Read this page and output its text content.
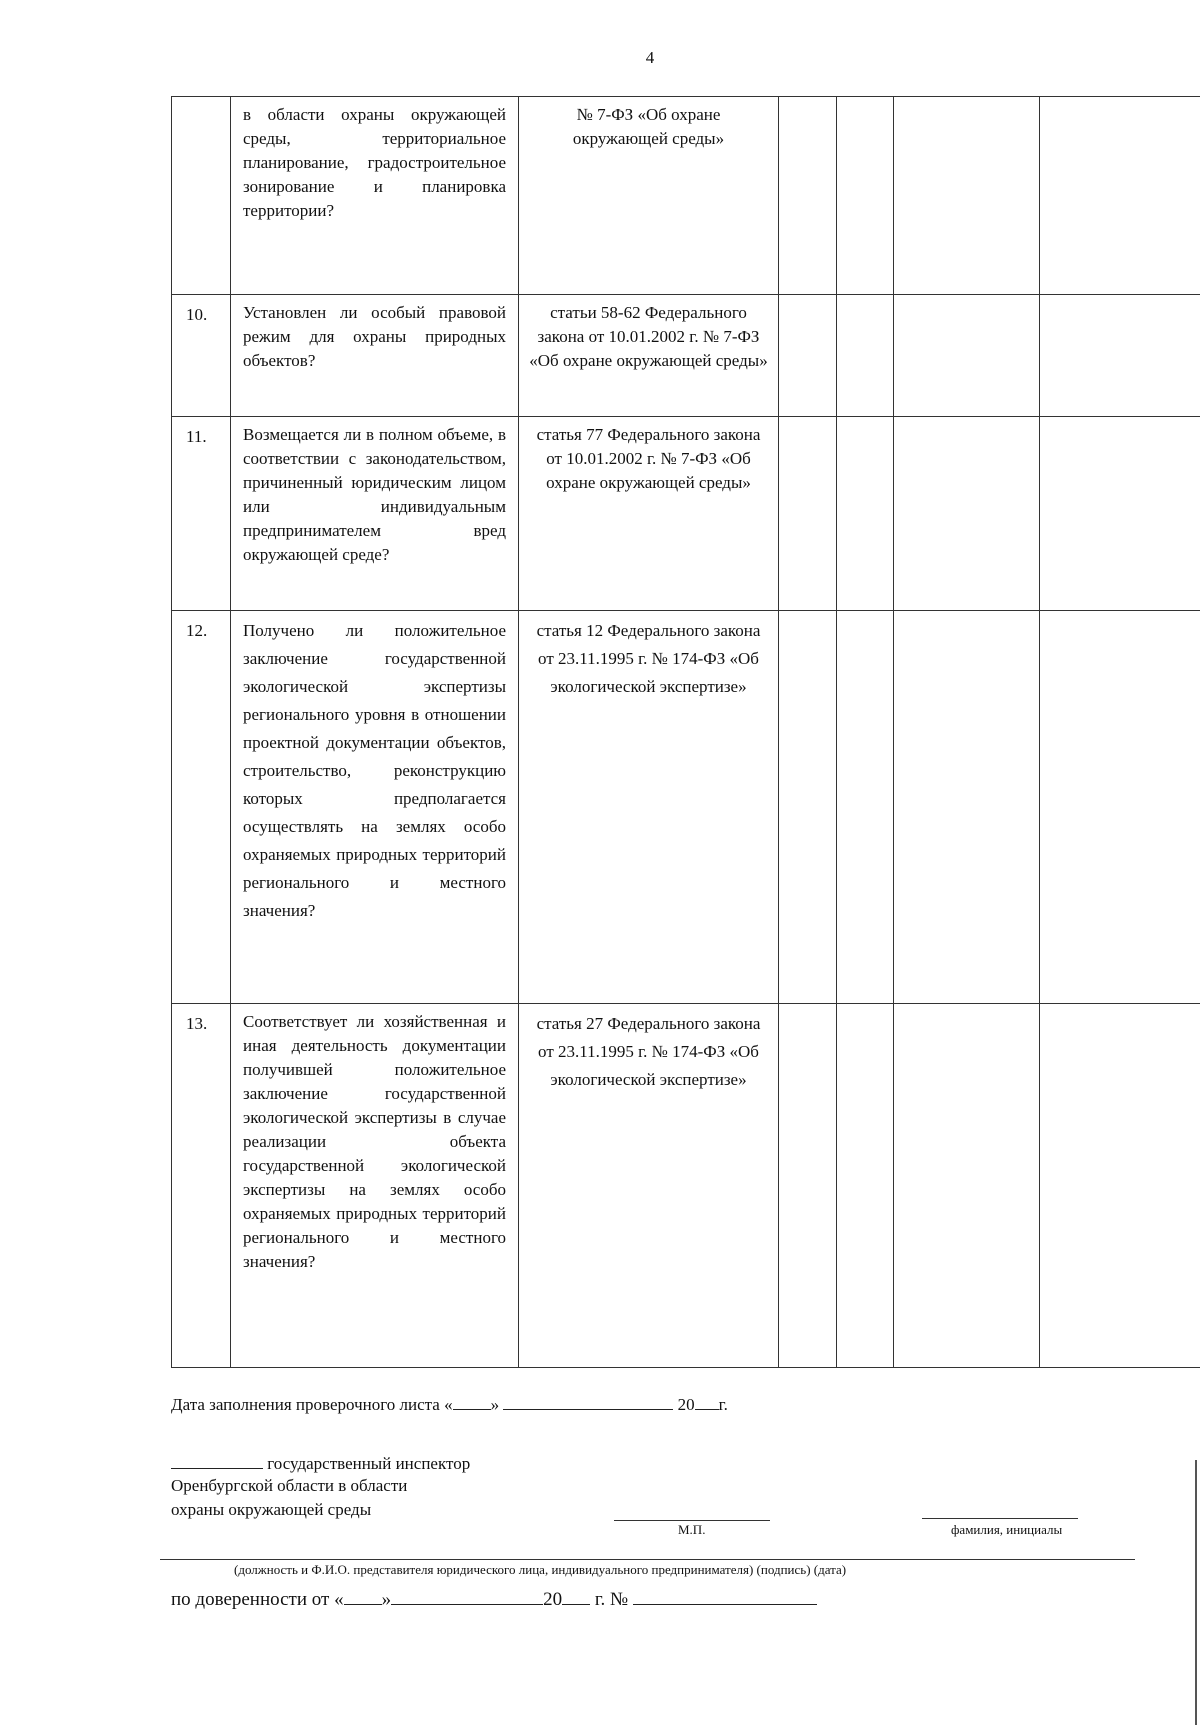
4
	в области охраны окружающей среды, территориальное планирование, градостроительное зонирование и планировка территории?	№ 7-ФЗ «Об охране окружающей среды»				
10.	Установлен ли особый правовой режим для охраны природных объектов?	статьи 58-62 Федерального закона от 10.01.2002 г. № 7-ФЗ «Об охране окружающей среды»				
11.	Возмещается ли в полном объеме, в соответствии с законодательством, причиненный юридическим лицом или индивидуальным предпринимателем вред окружающей среде?	статья 77 Федерального закона от 10.01.2002 г. № 7-ФЗ «Об охране окружающей среды»				
12.	Получено ли положительное заключение государственной экологической экспертизы регионального уровня в отношении проектной документации объектов, строительство, реконструкцию которых предполагается осуществлять на землях особо охраняемых природных территорий регионального и местного значения?	статья 12 Федерального закона от 23.11.1995 г. № 174-ФЗ «Об экологической экспертизе»				
13.	Соответствует ли хозяйственная и иная деятельность документации получившей положительное заключение государственной экологической экспертизы в случае реализации объекта государственной экологической экспертизы на землях особо охраняемых природных территорий регионального и местного значения?	статья 27 Федерального закона от 23.11.1995 г. № 174-ФЗ «Об экологической экспертизе»				
Дата заполнения проверочного листа « »	20 г.
государственный инспектор
Оренбургской области в области
охраны окружающей среды
М.П.	фамилия, инициалы
(должность и Ф.И.О. представителя юридического лица, индивидуального предпринимателя) (подпись) (дата)
по доверенности от « »	20 г. №
